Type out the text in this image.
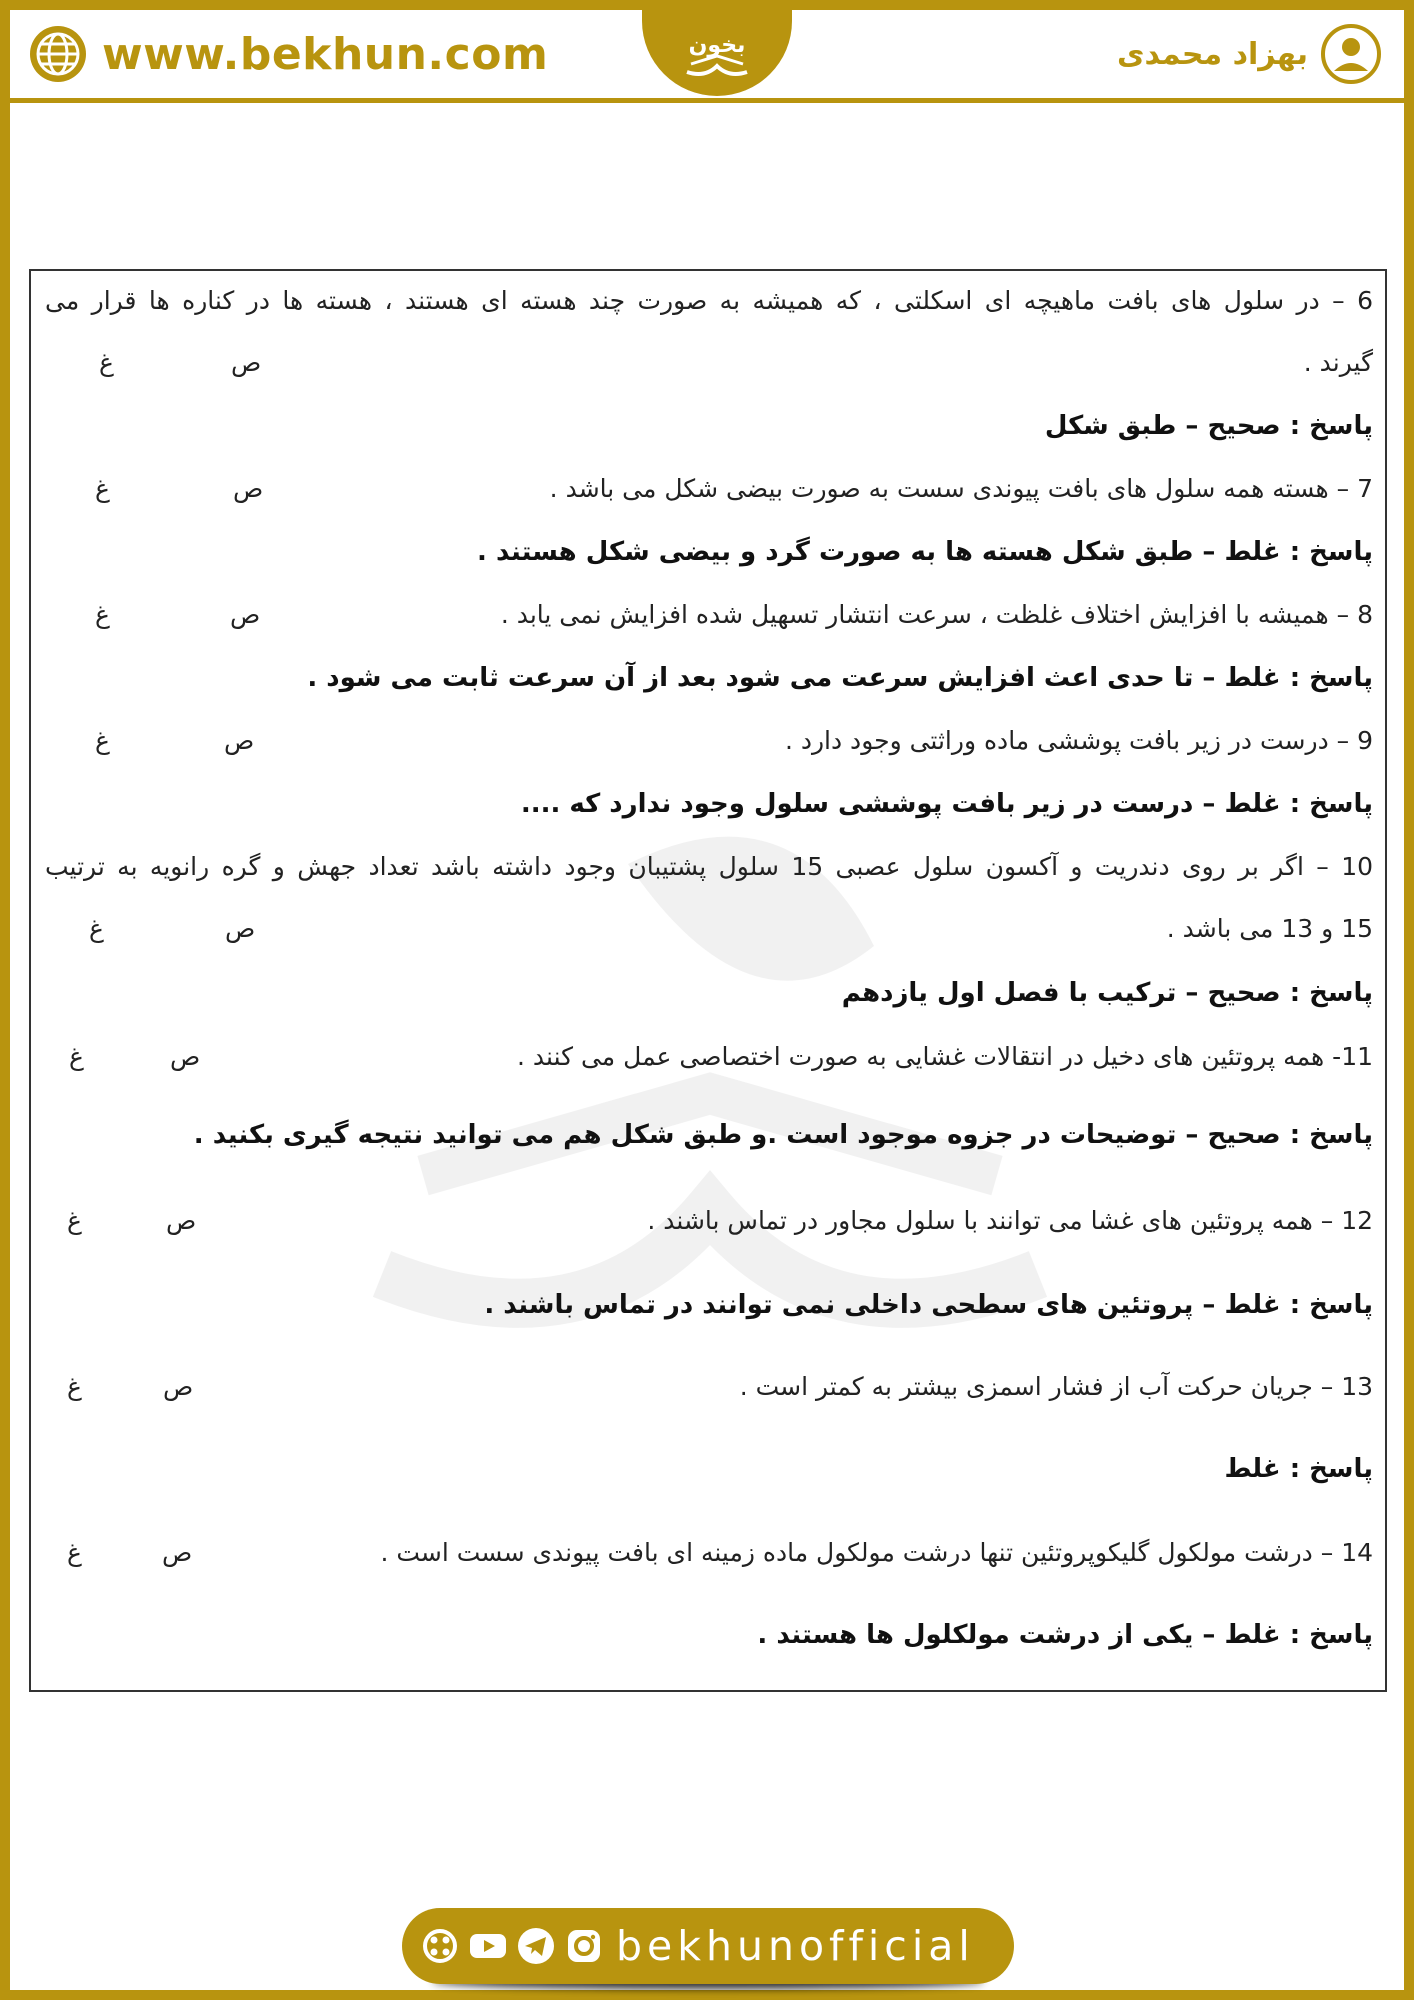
www.bekhun.com	بخون	بهزاد محمدی
6 – در سلول های بافت ماهیچه ای اسکلتی ، که همیشه به صورت چند هسته ای هستند ، هسته ها در کناره ها قرار می
گیرند .
ص
غ
پاسخ : صحیح – طبق شکل
7 – هسته همه سلول های بافت پیوندی سست به صورت بیضی شکل می باشد .
ص
غ
پاسخ : غلط – طبق شکل هسته ها به صورت گرد و بیضی شکل هستند .
8 – همیشه با افزایش اختلاف غلظت ، سرعت انتشار تسهیل شده افزایش نمی یابد .
ص
غ
پاسخ : غلط – تا حدی اعث افزایش سرعت می شود بعد از آن سرعت ثابت می شود .
9 – درست در زیر بافت پوششی ماده وراثتی وجود دارد .
ص
غ
پاسخ : غلط – درست در زیر بافت پوششی سلول وجود ندارد که ....
10 – اگر بر روی دندریت و آکسون سلول عصبی 15 سلول پشتیبان وجود داشته باشد تعداد جهش و گره رانویه به ترتیب
15 و 13 می باشد .
ص
غ
پاسخ : صحیح – ترکیب با فصل اول یازدهم
11- همه پروتئین های دخیل در انتقالات غشایی به صورت اختصاصی عمل می کنند .
ص
غ
پاسخ : صحیح – توضیحات در جزوه موجود است .و طبق شکل هم می توانید نتیجه گیری بکنید .
12 – همه پروتئین های غشا می توانند با سلول مجاور در تماس باشند .
ص
غ
پاسخ : غلط – پروتئین های سطحی داخلی نمی توانند در تماس باشند .
13 – جریان حرکت آب از فشار اسمزی بیشتر به کمتر است .
ص
غ
پاسخ : غلط
14 – درشت مولکول گلیکوپروتئین تنها درشت مولکول ماده زمینه ای بافت پیوندی سست است .
ص
غ
پاسخ : غلط – یکی از درشت مولکلول ها هستند .
bekhunofficial
